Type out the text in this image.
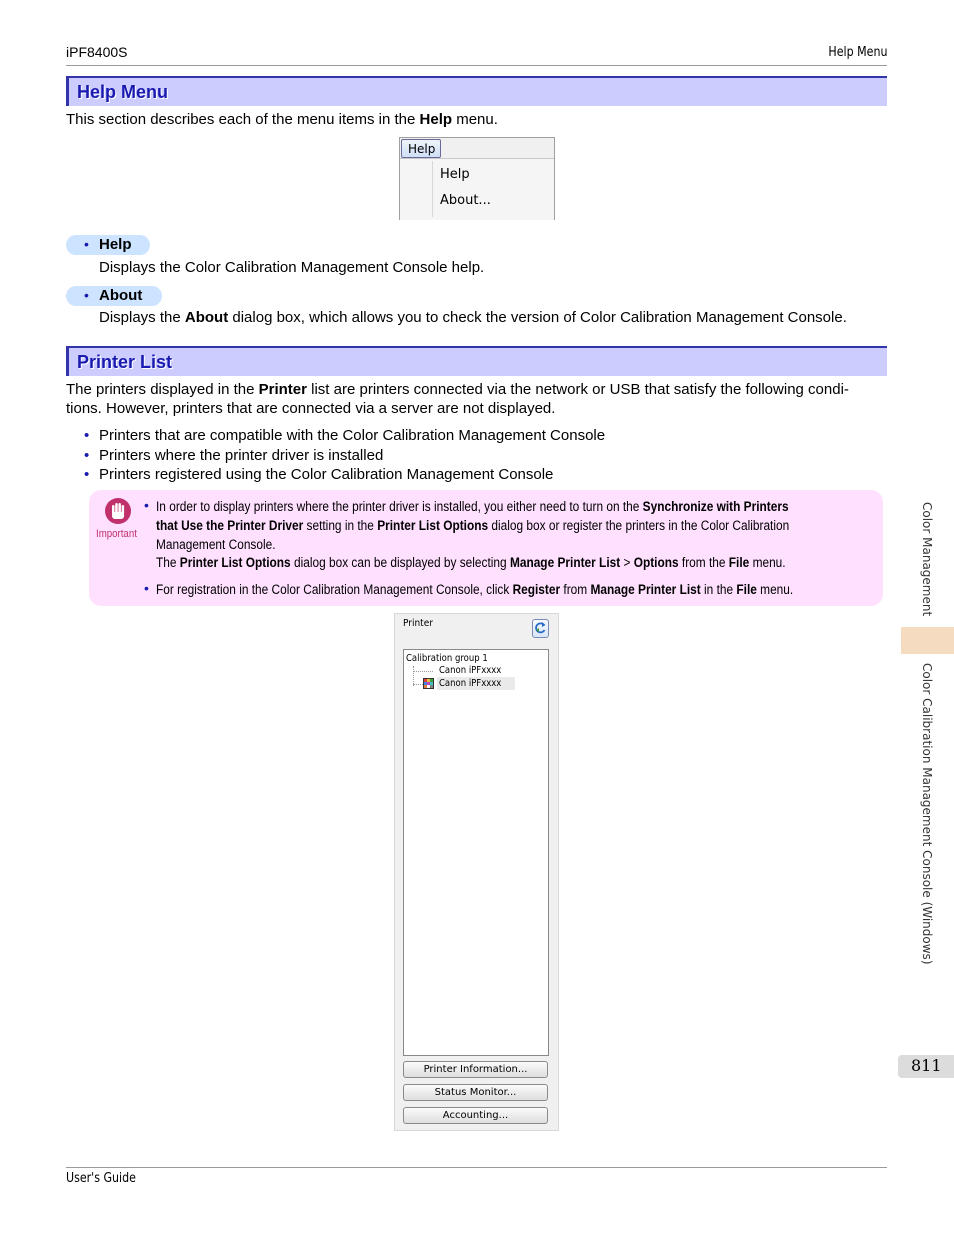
iPF8400S	Help Menu
Help Menu
This section describes each of the menu items in the Help menu.
Help
Help
About...
• Help
Displays the Color Calibration Management Console help.
• About
Displays the About dialog box, which allows you to check the version of Color Calibration Management Console.
Printer List
The printers displayed in the Printer list are printers connected via the network or USB that satisfy the following condi-
tions. However, printers that are connected via a server are not displayed.
• Printers that are compatible with the Color Calibration Management Console
• Printers where the printer driver is installed
• Printers registered using the Color Calibration Management Console
Important
• In order to display printers where the printer driver is installed, you either need to turn on the Synchronize with Printers
that Use the Printer Driver setting in the Printer List Options dialog box or register the printers in the Color Calibration
Management Console.
The Printer List Options dialog box can be displayed by selecting Manage Printer List > Options from the File menu.
• For registration in the Color Calibration Management Console, click Register from Manage Printer List in the File menu.
Printer
Calibration group 1
Canon iPFxxxx
Canon iPFxxxx
Printer Information...
Status Monitor...
Accounting...
Color Management
Color Calibration Management Console (Windows)
811
User's Guide
